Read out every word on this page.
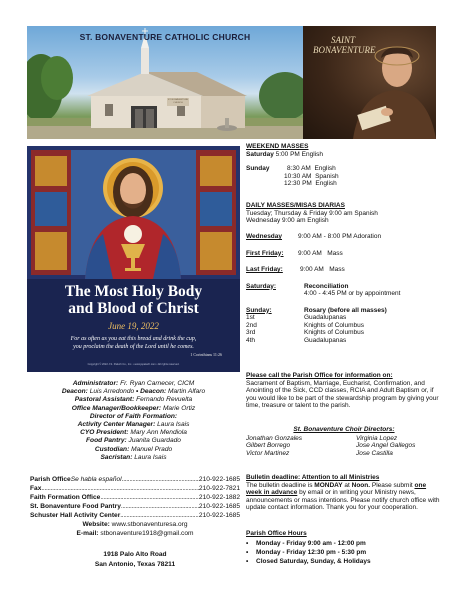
ST. BONAVENTURE CATHOLIC CHURCH
ST. BONAVENTURE CHURCH
SAINT
BONAVENTURE
The Most Holy Body
and Blood of Christ
June 19, 2022
For as often as you eat this bread and drink the cup,
you proclaim the death of the Lord until he comes.
1 Corinthians 11:26
Copyright © 2022 J.S. Paluch Co., Inc. • www.jspaluch.com • All rights reserved.
Administrator: Fr. Ryan Carnecer, CICM
Deacon: Luis Arredondo • Deacon: Martin Alfaro
Pastoral Assistant: Fernando Revuelta
Office Manager/Bookkeeper: Marie Ortiz
Director of Faith Formation:
Activity Center Manager: Laura Isais
CYO President: Mary Ann Mendiola
Food Pantry: Juanita Guardado
Custodian: Manuel Prado
Sacristan: Laura Isais
Parish Office Se habla español .....	210-922-1685
Fax .....	210-922-7821
Faith Formation Office .....	210-922-1882
St. Bonaventure Food Pantry .....	210-922-1685
Schuster Hall Activity Center .....	210-922-1685
Website: www.stbonaventuresa.org
E-mail: stbonaventure1918@gmail.com
1918 Palo Alto Road
San Antonio, Texas 78211
WEEKEND MASSES
Saturday 5:00 PM English
Sunday	8:30 AM  English
10:30 AM  Spanish
12:30 PM  English
DAILY MASSES/MISAS DIARIAS
Tuesday; Thursday & Friday 9:00 am Spanish
Wednesday 9:00 am English
Wednesday	9:00 AM - 8:00 PM Adoration
First Friday:	9:00 AM   Mass
Last Friday:	9:00 AM   Mass
Saturday:	Reconciliation
4:00 - 4:45 PM or by appointment
Sunday:	Rosary (before all masses)
1st	Guadalupanas
2nd	Knights of Columbus
3rd	Knights of Columbus
4th	Guadalupanas
Please call the Parish Office for information on:
Sacrament of Baptism, Marriage, Eucharist, Confirmation, and Anointing of the Sick, CCD classes, RCIA and Adult Baptism or, if you would like to be part of the stewardship program by giving your time, treasure or talent to the parish.
St. Bonaventure Choir Directors:
Jonathan Gonzales
Gilbert Borrego
Victor Martinez
Virginia Lopez
Jose Angel Gallegos
Jose Castilla
Bulletin deadline: Attention to all Ministries
The bulletin deadline is MONDAY at Noon. Please submit one week in advance by email or in writing your Ministry news, announcements or mass intentions. Please notify church office with update contact information. Thank you for your cooperation.
Parish Office Hours
• Monday - Friday 9:00 am - 12:00 pm
• Monday - Friday 12:30 pm - 5:30 pm
• Closed Saturday, Sunday, & Holidays
